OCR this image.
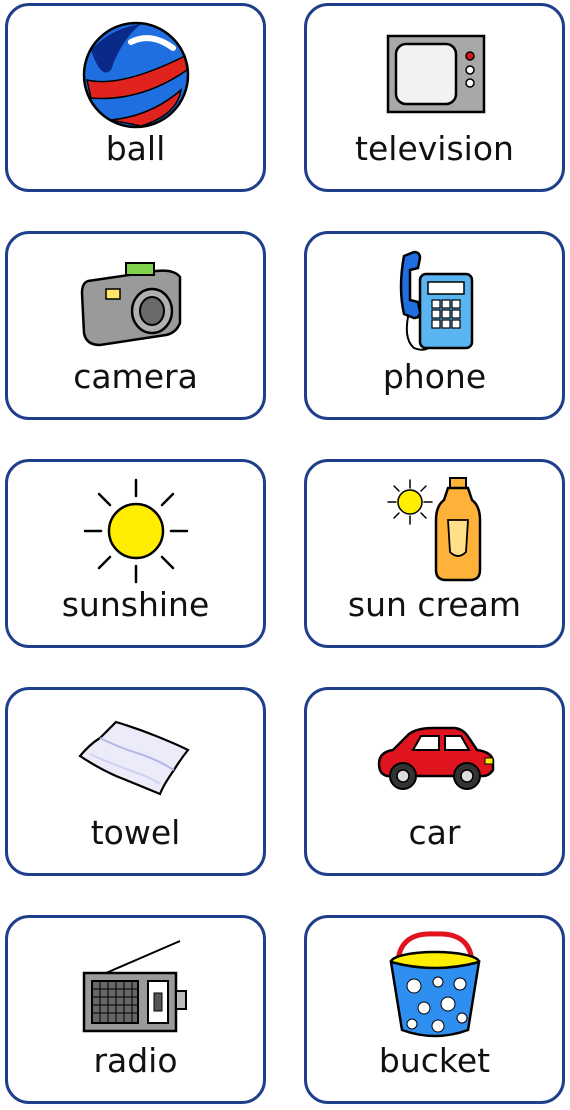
ball	television
camera	phone
sunshine	sun cream
towel	car
radio	bucket
